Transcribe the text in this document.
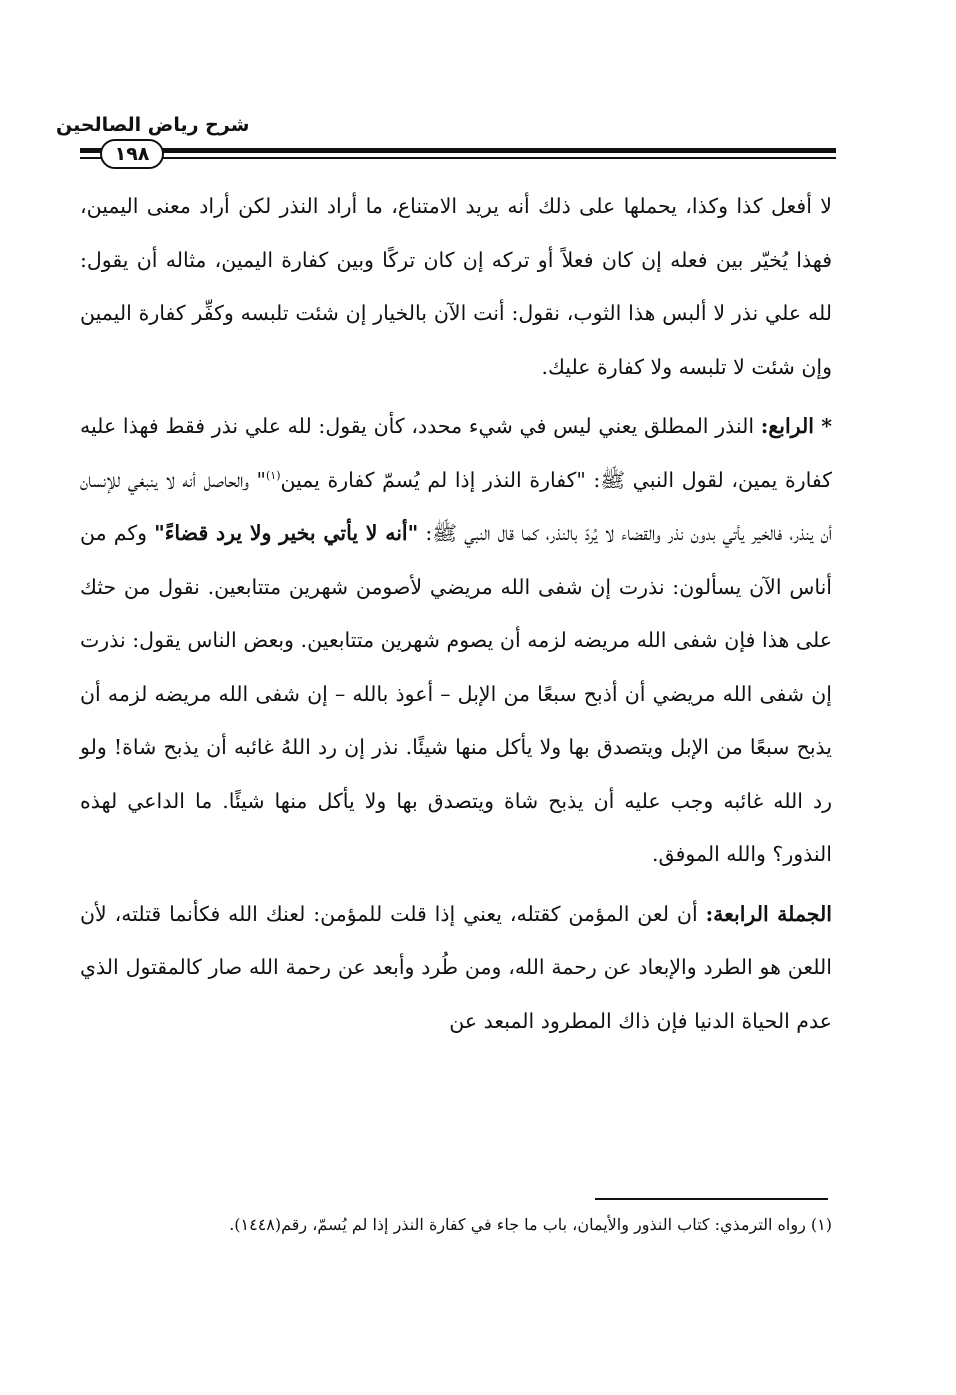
شرح رياض الصالحين
١٩٨

لا أفعل كذا وكذا، يحملها على ذلك أنه يريد الامتناع، ما أراد النذر لكن أراد معنى اليمين، فهذا يُخيّر بين فعله إن كان فعلاً أو تركه إن كان تركًا وبين كفارة اليمين، مثاله أن يقول: لله علي نذر لا ألبس هذا الثوب، نقول: أنت الآن بالخيار إن شئت تلبسه وكفِّر كفارة اليمين وإن شئت لا تلبسه ولا كفارة عليك.

* الرابع: النذر المطلق يعني ليس في شيء محدد، كأن يقول: لله علي نذر فقط فهذا عليه كفارة يمين، لقول النبي ﷺ: "كفارة النذر إذا لم يُسمّ كفارة يمين$^{(١)}$" والحاصل أنه لا ينبغي للإنسان أن ينذر، فالخير يأتي بدون نذر والقضاء لا يُردّ بالنذر، كما قال النبي ﷺ: "أنه لا يأتي بخير ولا يرد قضاءً" وكم من أناس الآن يسألون: نذرت إن شفى الله مريضي لأصومن شهرين متتابعين. نقول من حثك على هذا فإن شفى الله مريضه لزمه أن يصوم شهرين متتابعين. وبعض الناس يقول: نذرت إن شفى الله مريضي أن أذبح سبعًا من الإبل – أعوذ بالله – إن شفى الله مريضه لزمه أن يذبح سبعًا من الإبل ويتصدق بها ولا يأكل منها شيئًا. نذر إن رد اللهُ غائبه أن يذبح شاة! ولو رد الله غائبه وجب عليه أن يذبح شاة ويتصدق بها ولا يأكل منها شيئًا. ما الداعي لهذه النذور؟ والله الموفق.

الجملة الرابعة: أن لعن المؤمن كقتله، يعني إذا قلت للمؤمن: لعنك الله فكأنما قتلته، لأن اللعن هو الطرد والإبعاد عن رحمة الله، ومن طُرد وأبعد عن رحمة الله صار كالمقتول الذي عدم الحياة الدنيا فإن ذاك المطرود المبعد عن

(١) رواه الترمذي: كتاب النذور والأيمان، باب ما جاء في كفارة النذر إذا لم يُسمّ، رقم(١٤٤٨).
